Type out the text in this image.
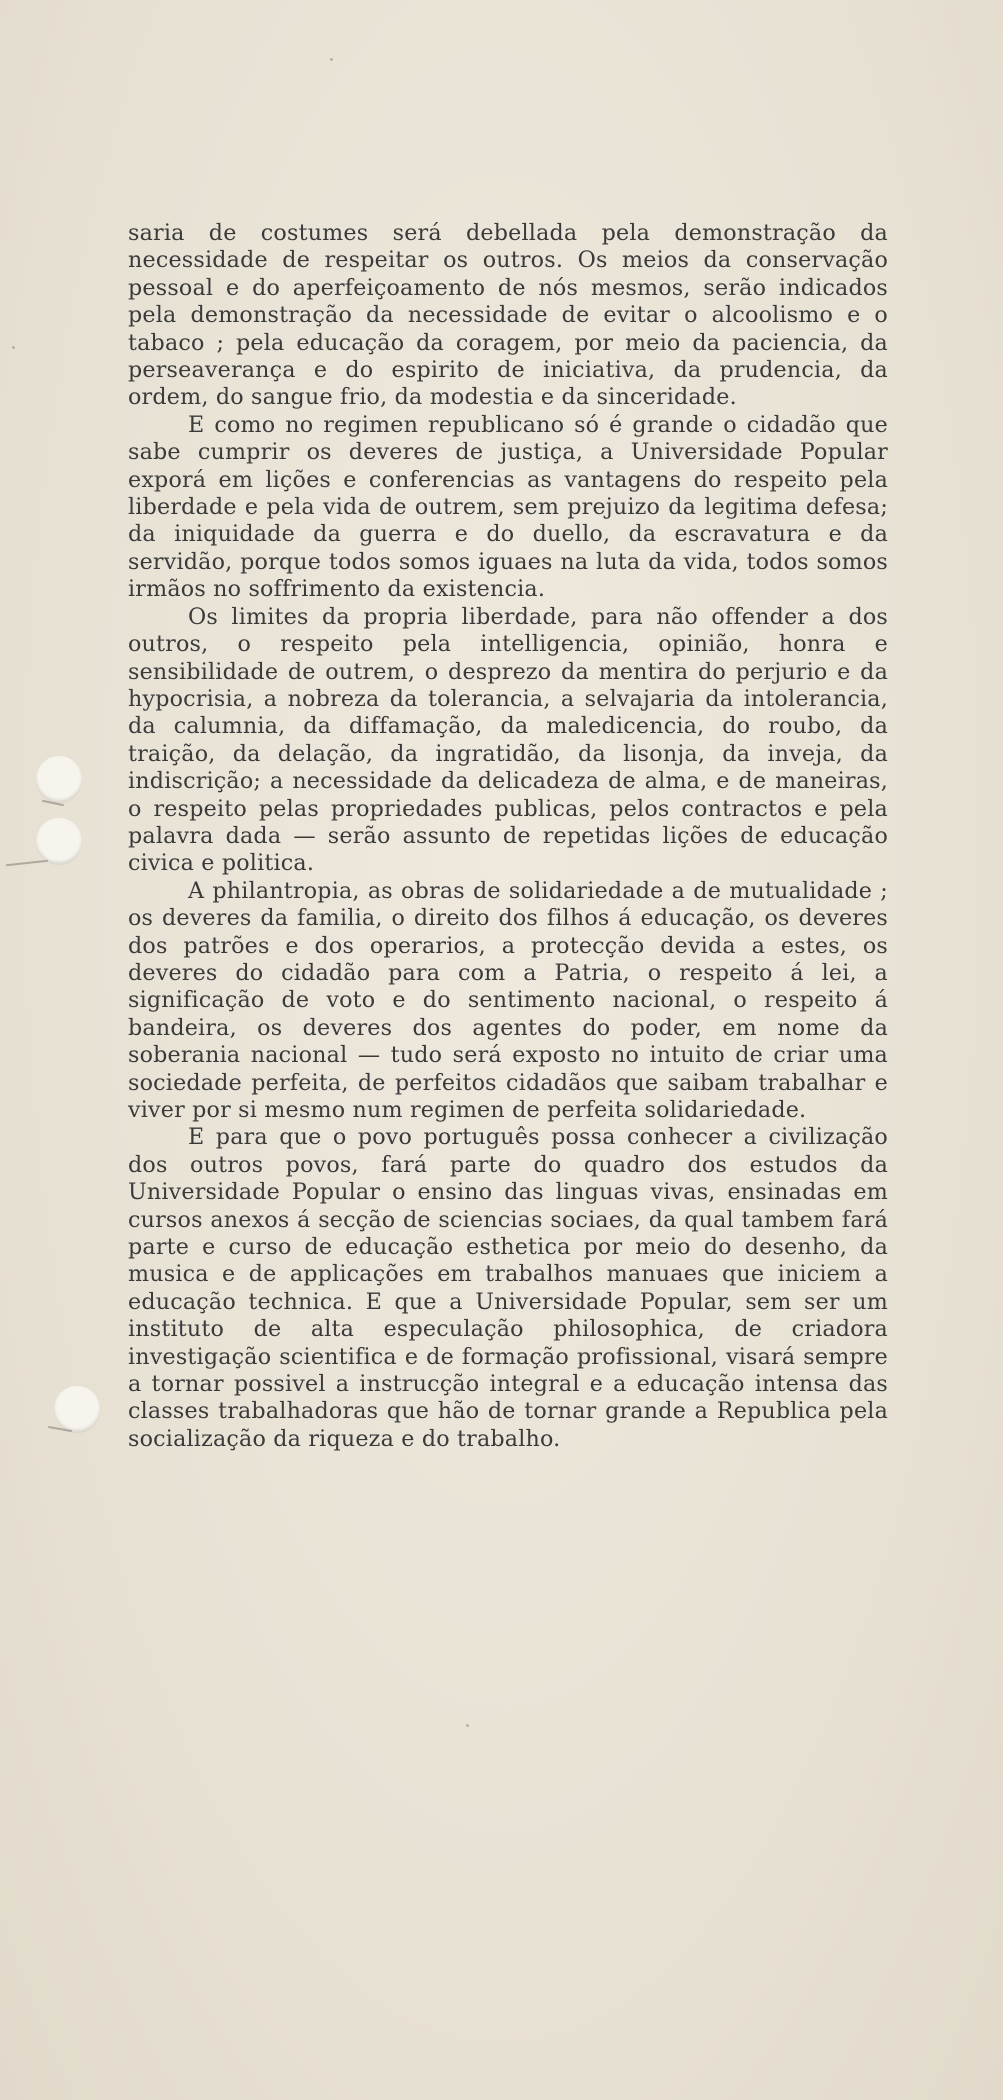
saria de costumes será debellada pela demonstração da necessidade de respeitar os outros. Os meios da conservação pessoal e do aperfeiçoamento de nós mesmos, serão indicados pela demonstração da necessidade de evitar o alcoolismo e o tabaco ; pela educação da coragem, por meio da paciencia, da perseaverança e do espirito de iniciativa, da prudencia, da ordem, do sangue frio, da modestia e da sinceridade.

E como no regimen republicano só é grande o cidadão que sabe cumprir os deveres de justiça, a Universidade Popular exporá em lições e conferencias as vantagens do respeito pela liberdade e pela vida de outrem, sem prejuizo da legitima defesa; da iniquidade da guerra e do duello, da escravatura e da servidão, porque todos somos iguaes na luta da vida, todos somos irmãos no soffrimento da existencia.

Os limites da propria liberdade, para não offender a dos outros, o respeito pela intelligencia, opinião, honra e sensibilidade de outrem, o desprezo da mentira do perjurio e da hypocrisia, a nobreza da tolerancia, a selvajaria da intolerancia, da calumnia, da diffamação, da maledicencia, do roubo, da traição, da delação, da ingratidão, da lisonja, da inveja, da indiscrição; a necessidade da delicadeza de alma, e de maneiras, o respeito pelas propriedades publicas, pelos contractos e pela palavra dada — serão assunto de repetidas lições de educação civica e politica.

A philantropia, as obras de solidariedade a de mutualidade ; os deveres da familia, o direito dos filhos á educação, os deveres dos patrões e dos operarios, a protecção devida a estes, os deveres do cidadão para com a Patria, o respeito á lei, a significação de voto e do sentimento nacional, o respeito á bandeira, os deveres dos agentes do poder, em nome da soberania nacional — tudo será exposto no intuito de criar uma sociedade perfeita, de perfeitos cidadãos que saibam trabalhar e viver por si mesmo num regimen de perfeita solidariedade.

E para que o povo português possa conhecer a civilização dos outros povos, fará parte do quadro dos estudos da Universidade Popular o ensino das linguas vivas, ensinadas em cursos anexos á secção de sciencias sociaes, da qual tambem fará parte e curso de educação esthetica por meio do desenho, da musica e de applicações em trabalhos manuaes que iniciem a educação technica. E que a Universidade Popular, sem ser um instituto de alta especulação philosophica, de criadora investigação scientifica e de formação profissional, visará sempre a tornar possivel a instrucção integral e a educação intensa das classes trabalhadoras que hão de tornar grande a Republica pela socialização da riqueza e do trabalho.
